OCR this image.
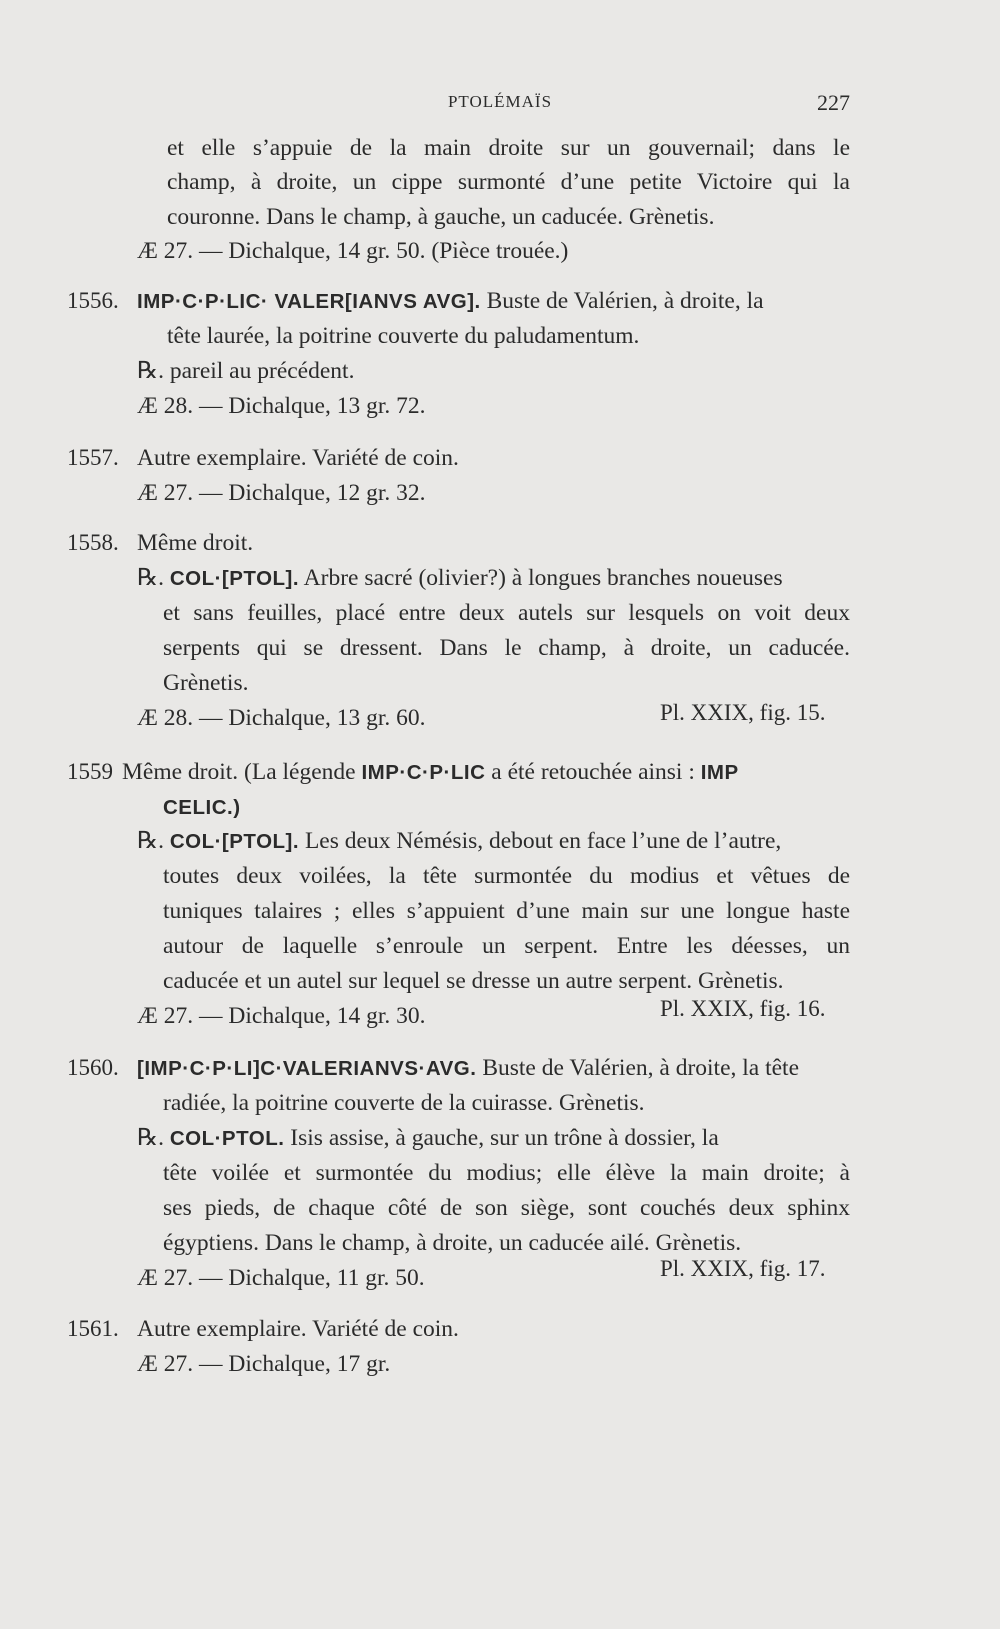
PTOLÉMAÏS	227
et elle s’appuie de la main droite sur un gouvernail; dans le
champ, à droite, un cippe surmonté d’une petite Victoire qui la
couronne. Dans le champ, à gauche, un caducée. Grènetis.
Æ 27. — Dichalque, 14 gr. 50. (Pièce trouée.)
1556. IMP·C·P·LIC· VALER[IANVS AVG]. Buste de Valérien, à droite, la
tête laurée, la poitrine couverte du paludamentum.
℞. pareil au précédent.
Æ 28. — Dichalque, 13 gr. 72.
1557. Autre exemplaire. Variété de coin.
Æ 27. — Dichalque, 12 gr. 32.
1558. Même droit.
℞. COL·[PTOL]. Arbre sacré (olivier?) à longues branches noueuses
et sans feuilles, placé entre deux autels sur lesquels on voit deux
serpents qui se dressent. Dans le champ, à droite, un caducée.
Grènetis.
Æ 28. — Dichalque, 13 gr. 60.	Pl. XXIX, fig. 15.
1559 Même droit. (La légende IMP·C·P·LIC a été retouchée ainsi : IMP
CELIC.)
℞. COL·[PTOL]. Les deux Némésis, debout en face l’une de l’autre,
toutes deux voilées, la tête surmontée du modius et vêtues de
tuniques talaires ; elles s’appuient d’une main sur une longue haste
autour de laquelle s’enroule un serpent. Entre les déesses, un
caducée et un autel sur lequel se dresse un autre serpent. Grènetis.
Æ 27. — Dichalque, 14 gr. 30.	Pl. XXIX, fig. 16.
1560. [IMP·C·P·LI]C·VALERIANVS·AVG. Buste de Valérien, à droite, la tête
radiée, la poitrine couverte de la cuirasse. Grènetis.
℞. COL·PTOL. Isis assise, à gauche, sur un trône à dossier, la
tête voilée et surmontée du modius; elle élève la main droite; à
ses pieds, de chaque côté de son siège, sont couchés deux sphinx
égyptiens. Dans le champ, à droite, un caducée ailé. Grènetis.
Æ 27. — Dichalque, 11 gr. 50.	Pl. XXIX, fig. 17.
1561. Autre exemplaire. Variété de coin.
Æ 27. — Dichalque, 17 gr.
